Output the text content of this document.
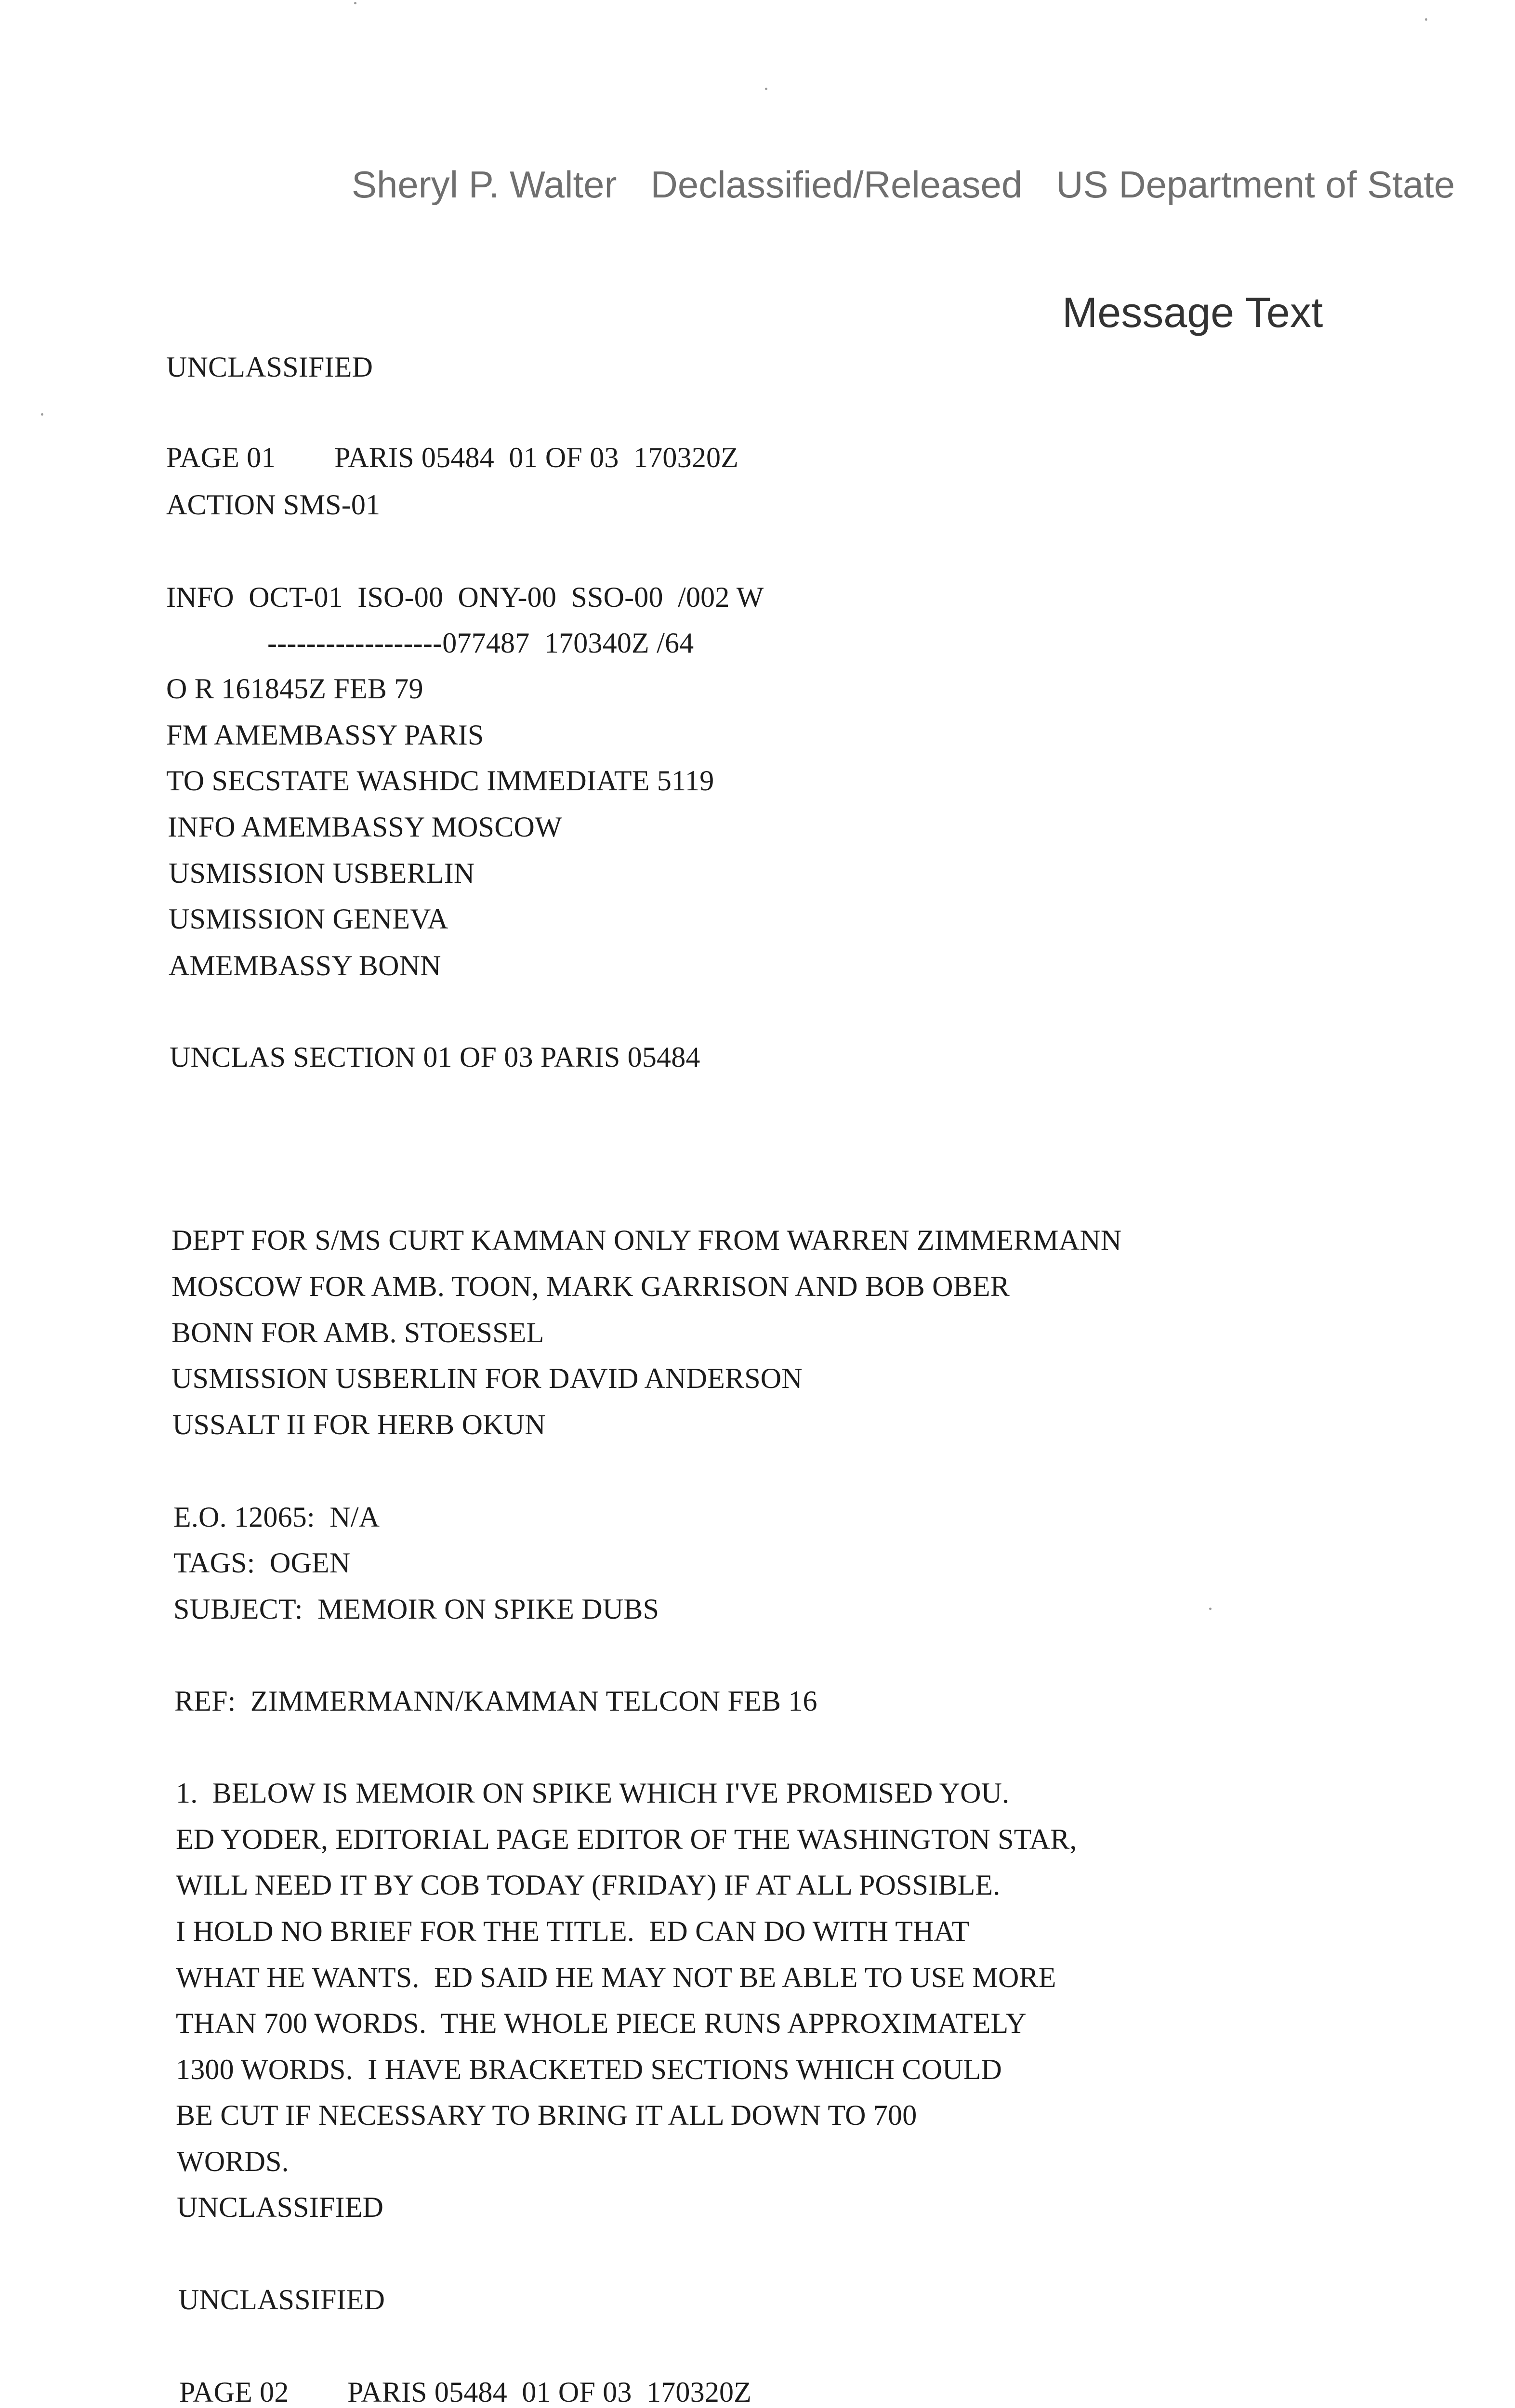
Sheryl P. Walter Declassified/Released US Department of State
Message Text
UNCLASSIFIED
PAGE 01        PARIS 05484  01 OF 03  170320Z
ACTION SMS-01
INFO  OCT-01  ISO-00  ONY-00  SSO-00  /002 W
------------------077487  170340Z /64
O R 161845Z FEB 79
FM AMEMBASSY PARIS
TO SECSTATE WASHDC IMMEDIATE 5119
INFO AMEMBASSY MOSCOW
USMISSION USBERLIN
USMISSION GENEVA
AMEMBASSY BONN
UNCLAS SECTION 01 OF 03 PARIS 05484
DEPT FOR S/MS CURT KAMMAN ONLY FROM WARREN ZIMMERMANN
MOSCOW FOR AMB. TOON, MARK GARRISON AND BOB OBER
BONN FOR AMB. STOESSEL
USMISSION USBERLIN FOR DAVID ANDERSON
USSALT II FOR HERB OKUN
E.O. 12065:  N/A
TAGS:  OGEN
SUBJECT:  MEMOIR ON SPIKE DUBS
REF:  ZIMMERMANN/KAMMAN TELCON FEB 16
1.  BELOW IS MEMOIR ON SPIKE WHICH I'VE PROMISED YOU.
ED YODER, EDITORIAL PAGE EDITOR OF THE WASHINGTON STAR,
WILL NEED IT BY COB TODAY (FRIDAY) IF AT ALL POSSIBLE.
I HOLD NO BRIEF FOR THE TITLE.  ED CAN DO WITH THAT
WHAT HE WANTS.  ED SAID HE MAY NOT BE ABLE TO USE MORE
THAN 700 WORDS.  THE WHOLE PIECE RUNS APPROXIMATELY
1300 WORDS.  I HAVE BRACKETED SECTIONS WHICH COULD
BE CUT IF NECESSARY TO BRING IT ALL DOWN TO 700
WORDS.
UNCLASSIFIED
UNCLASSIFIED
PAGE 02        PARIS 05484  01 OF 03  170320Z
